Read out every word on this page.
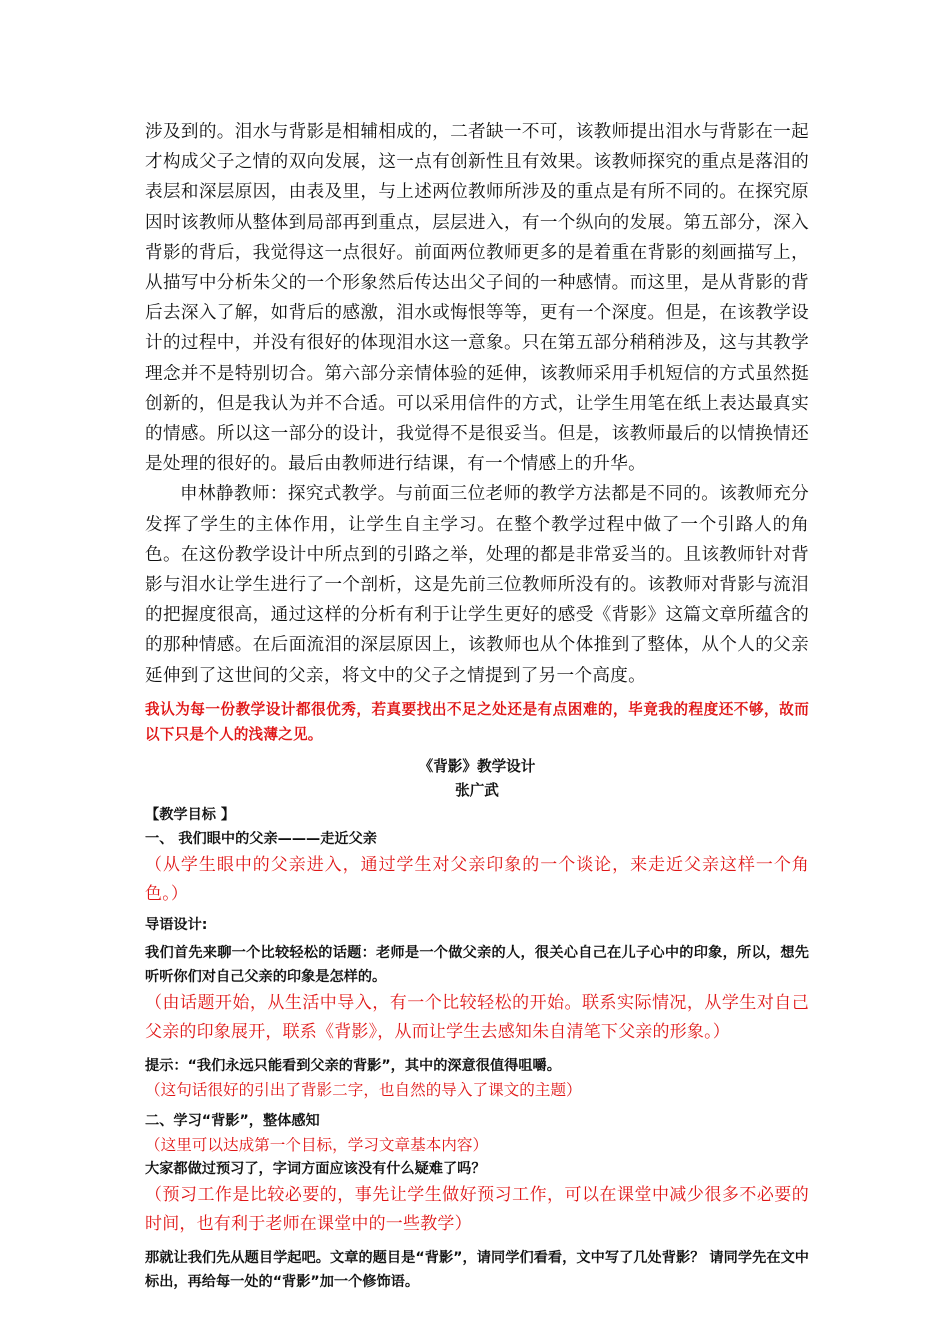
涉及到的。泪水与背影是相辅相成的，二者缺一不可，该教师提出泪水与背影在一起才构成父子之情的双向发展，这一点有创新性且有效果。该教师探究的重点是落泪的表层和深层原因，由表及里，与上述两位教师所涉及的重点是有所不同的。在探究原因时该教师从整体到局部再到重点，层层进入，有一个纵向的发展。第五部分，深入背影的背后，我觉得这一点很好。前面两位教师更多的是着重在背影的刻画描写上，从描写中分析朱父的一个形象然后传达出父子间的一种感情。而这里，是从背影的背后去深入了解，如背后的感激，泪水或悔恨等等，更有一个深度。但是，在该教学设计的过程中，并没有很好的体现泪水这一意象。只在第五部分稍稍涉及，这与其教学理念并不是特别切合。第六部分亲情体验的延伸，该教师采用手机短信的方式虽然挺创新的，但是我认为并不合适。可以采用信件的方式，让学生用笔在纸上表达最真实的情感。所以这一部分的设计，我觉得不是很妥当。但是，该教师最后的以情换情还是处理的很好的。最后由教师进行结课，有一个情感上的升华。

申林静教师：探究式教学。与前面三位老师的教学方法都是不同的。该教师充分发挥了学生的主体作用，让学生自主学习。在整个教学过程中做了一个引路人的角色。在这份教学设计中所点到的引路之举，处理的都是非常妥当的。且该教师针对背影与泪水让学生进行了一个剖析，这是先前三位教师所没有的。该教师对背影与流泪的把握度很高，通过这样的分析有利于让学生更好的感受《背影》这篇文章所蕴含的的那种情感。在后面流泪的深层原因上，该教师也从个体推到了整体，从个人的父亲延伸到了这世间的父亲，将文中的父子之情提到了另一个高度。

我认为每一份教学设计都很优秀，若真要找出不足之处还是有点困难的，毕竟我的程度还不够，故而以下只是个人的浅薄之见。

《背影》教学设计

张广武

【教学目标 】

一、 我们眼中的父亲———走近父亲

（从学生眼中的父亲进入，通过学生对父亲印象的一个谈论，来走近父亲这样一个角色。）

导语设计:

我们首先来聊一个比较轻松的话题：老师是一个做父亲的人，很关心自己在儿子心中的印象，所以，想先听听你们对自己父亲的印象是怎样的。

（由话题开始，从生活中导入，有一个比较轻松的开始。联系实际情况，从学生对自己父亲的印象展开，联系《背影》，从而让学生去感知朱自清笔下父亲的形象。）

提示：“我们永远只能看到父亲的背影”，其中的深意很值得咀嚼。

（这句话很好的引出了背影二字，也自然的导入了课文的主题）

二、学习“背影”，整体感知

（这里可以达成第一个目标，学习文章基本内容）

大家都做过预习了，字词方面应该没有什么疑难了吗？

（预习工作是比较必要的，事先让学生做好预习工作，可以在课堂中减少很多不必要的时间，也有利于老师在课堂中的一些教学）

那就让我们先从题目学起吧。文章的题目是“背影”，请同学们看看，文中写了几处背影？ 请同学先在文中标出，再给每一处的“背影”加一个修饰语。
